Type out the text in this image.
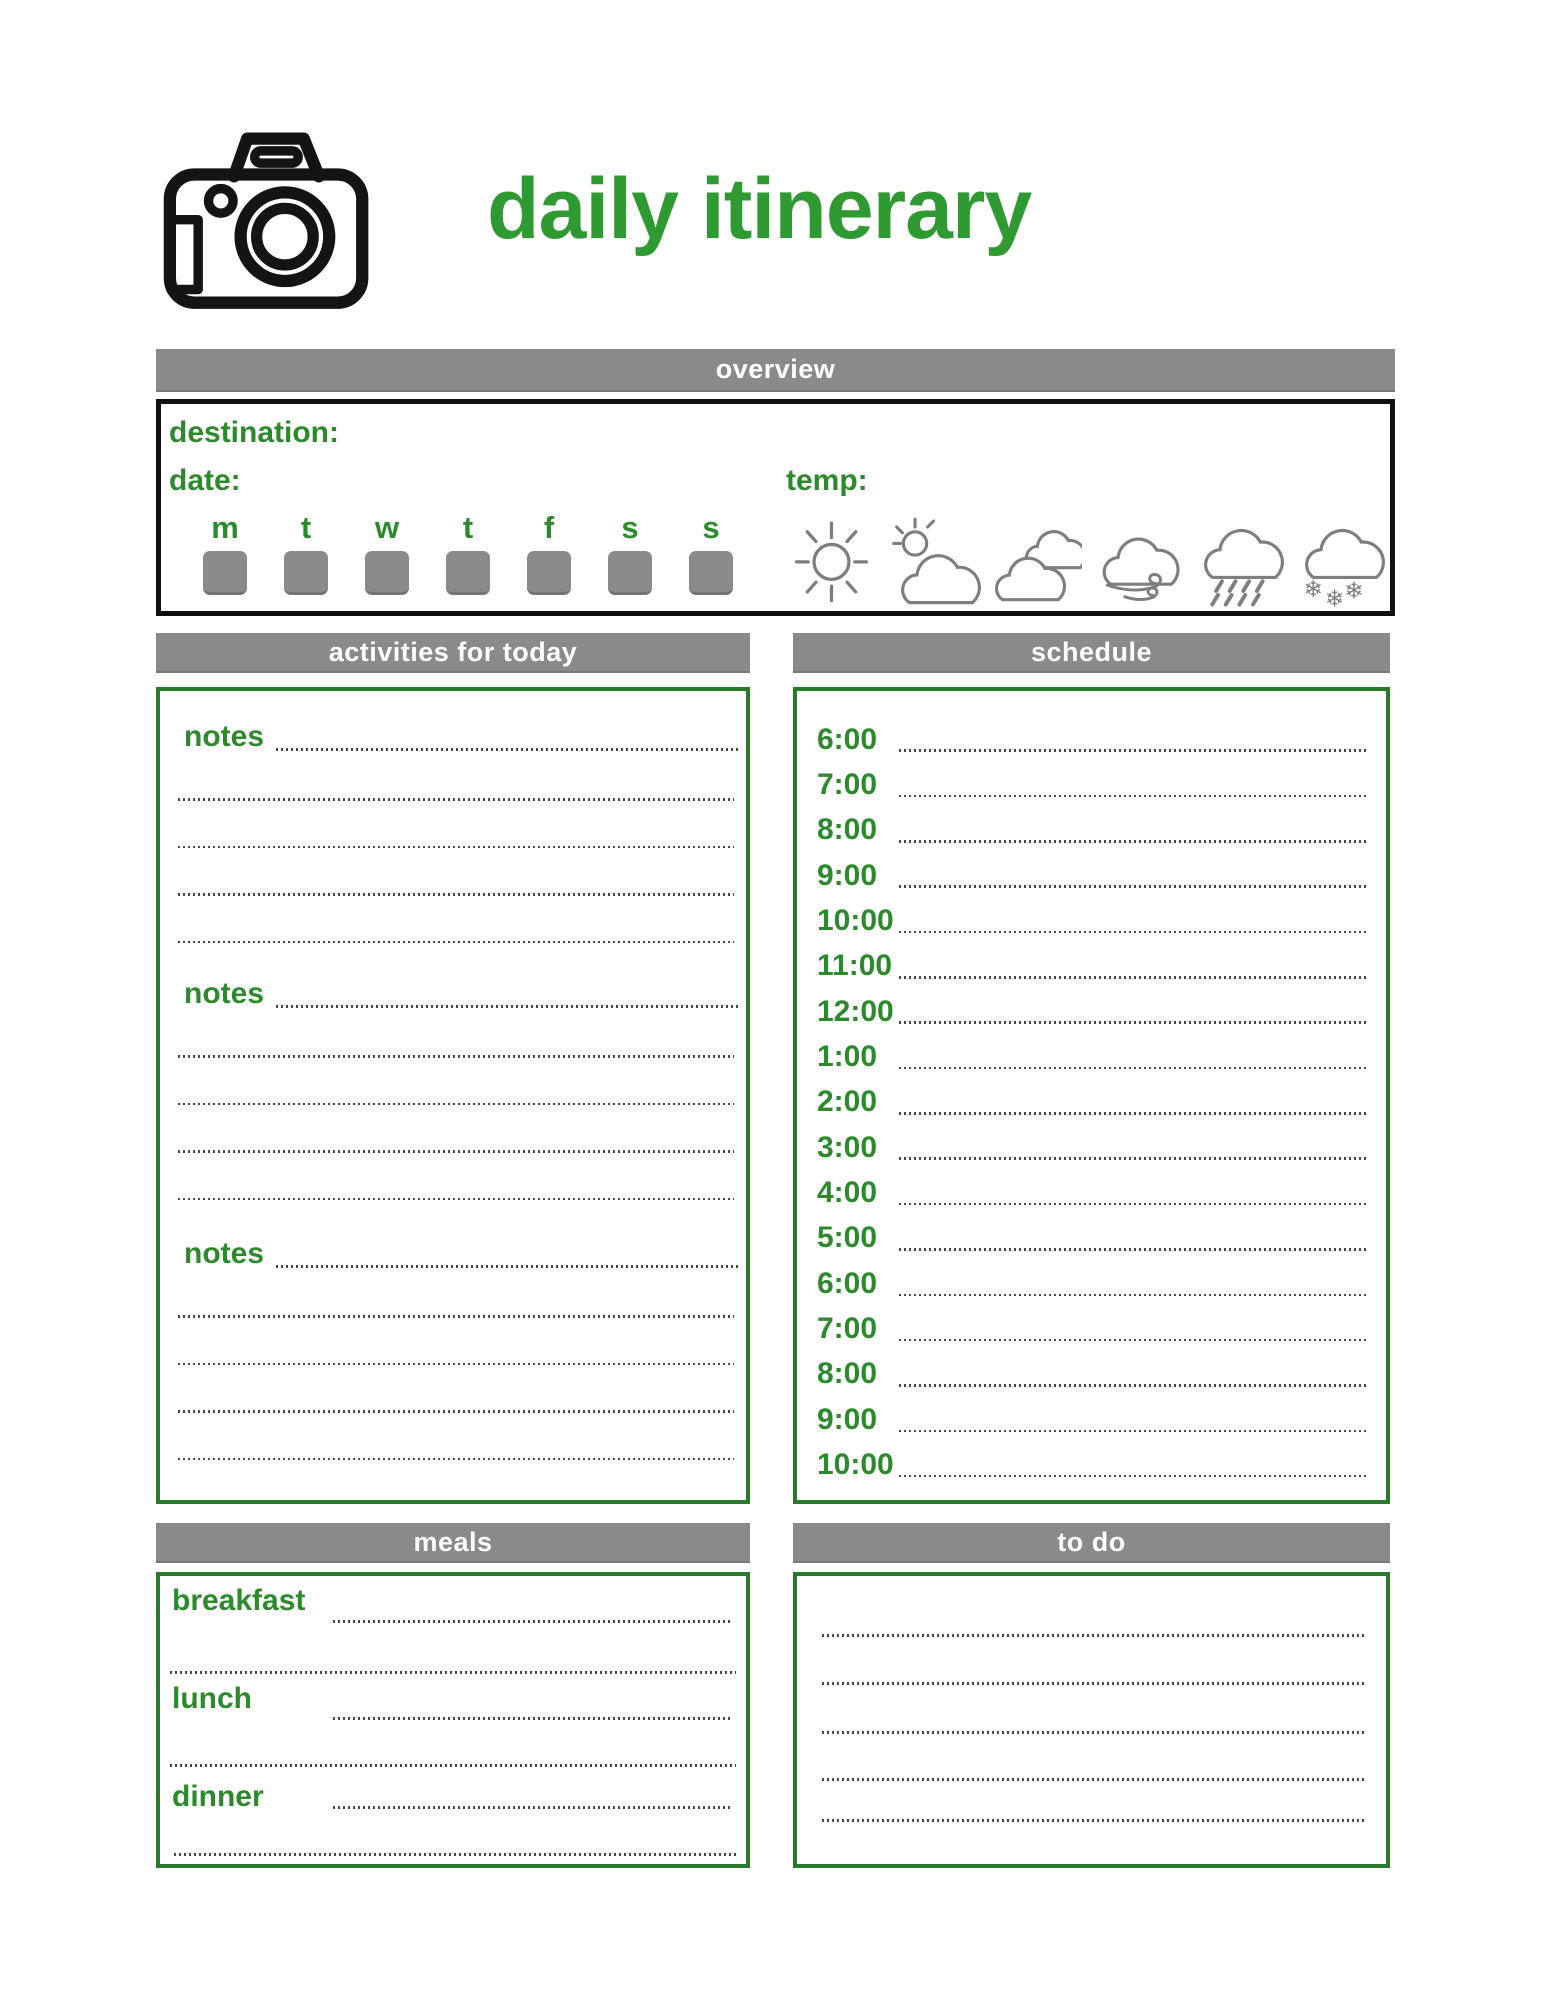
daily itinerary
overview
destination:
date:	temp:
m t w t f s s
❄ ❄ ❄
activities for today	schedule
notes
notes
notes
6:00
7:00
8:00
9:00
10:00
11:00
12:00
1:00
2:00
3:00
4:00
5:00
6:00
7:00
8:00
9:00
10:00
meals	to do
breakfast
lunch
dinner
